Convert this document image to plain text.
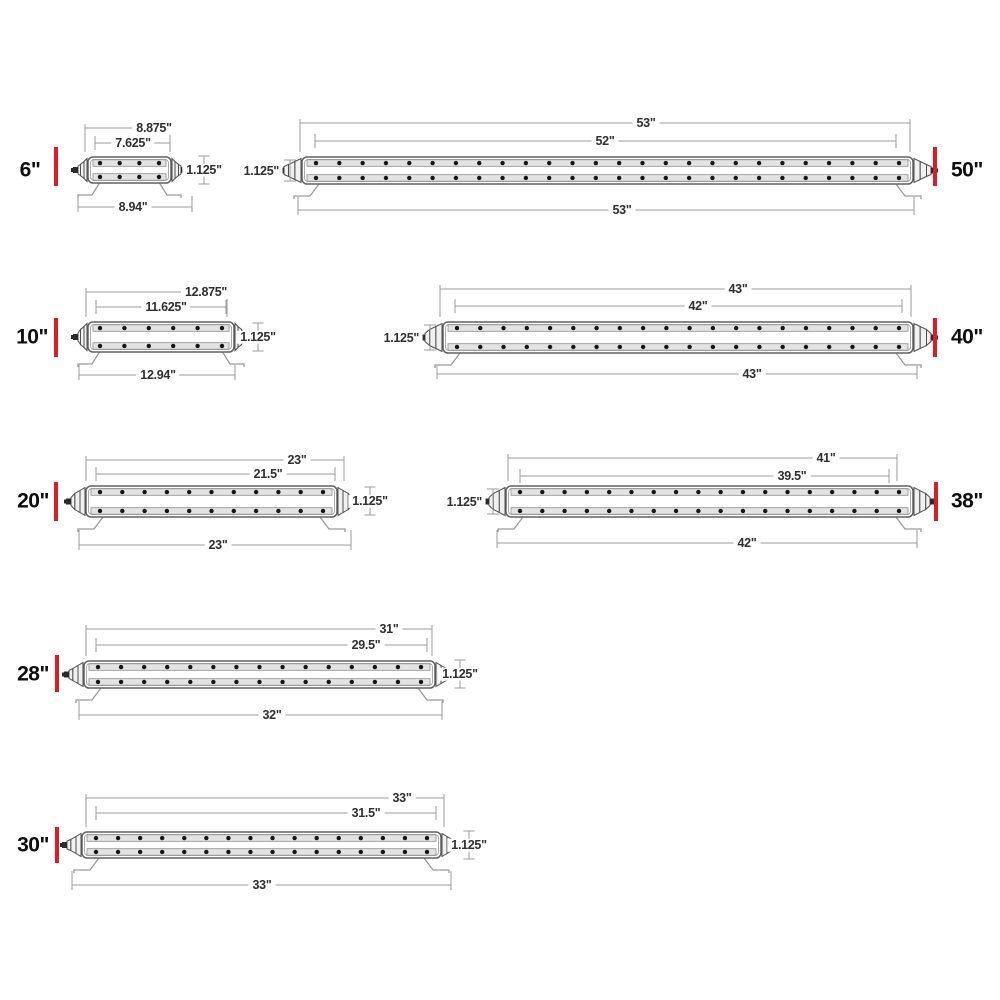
1.125"
8.875"
7.625"
8.94"
6"	1.125"
53"
52"
53"
50"
1.125"
12.875"
11.625"
12.94"
10"	1.125"
43"
42"
43"
40"
1.125"
23"
21.5"
23"
20"	1.125"
41"
39.5"
42"
38"
1.125"
31"
29.5"
32"
28"
1.125"
33"
31.5"
33"
30"
